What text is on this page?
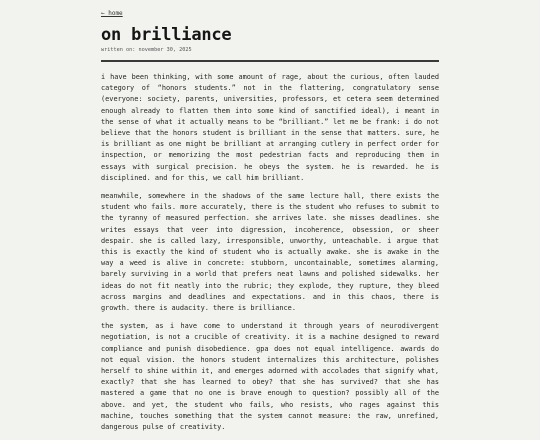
← home
on brilliance
written on: november 30, 2025

i have been thinking, with some amount of rage, about the curious, often lauded category of “honors students.” not in the flattering, congratulatory sense (everyone: society, parents, universities, professors, et cetera seem determined enough already to flatten them into some kind of sanctified ideal), i meant in the sense of what it actually means to be “brilliant.” let me be frank: i do not believe that the honors student is brilliant in the sense that matters. sure, he is brilliant as one might be brilliant at arranging cutlery in perfect order for inspection, or memorizing the most pedestrian facts and reproducing them in essays with surgical precision. he obeys the system. he is rewarded. he is disciplined. and for this, we call him brilliant.

meanwhile, somewhere in the shadows of the same lecture hall, there exists the student who fails. more accurately, there is the student who refuses to submit to the tyranny of measured perfection. she arrives late. she misses deadlines. she writes essays that veer into digression, incoherence, obsession, or sheer despair. she is called lazy, irresponsible, unworthy, unteachable. i argue that this is exactly the kind of student who is actually awake. she is awake in the way a weed is alive in concrete: stubborn, uncontainable, sometimes alarming, barely surviving in a world that prefers neat lawns and polished sidewalks. her ideas do not fit neatly into the rubric; they explode, they rupture, they bleed across margins and deadlines and expectations. and in this chaos, there is growth. there is audacity. there is brilliance.

the system, as i have come to understand it through years of neurodivergent negotiation, is not a crucible of creativity. it is a machine designed to reward compliance and punish disobedience. gpa does not equal intelligence. awards do not equal vision. the honors student internalizes this architecture, polishes herself to shine within it, and emerges adorned with accolades that signify what, exactly? that she has learned to obey? that she has survived? that she has mastered a game that no one is brave enough to question? possibly all of the above. and yet, the student who fails, who resists, who rages against this machine, touches something that the system cannot measure: the raw, unrefined, dangerous pulse of creativity.
